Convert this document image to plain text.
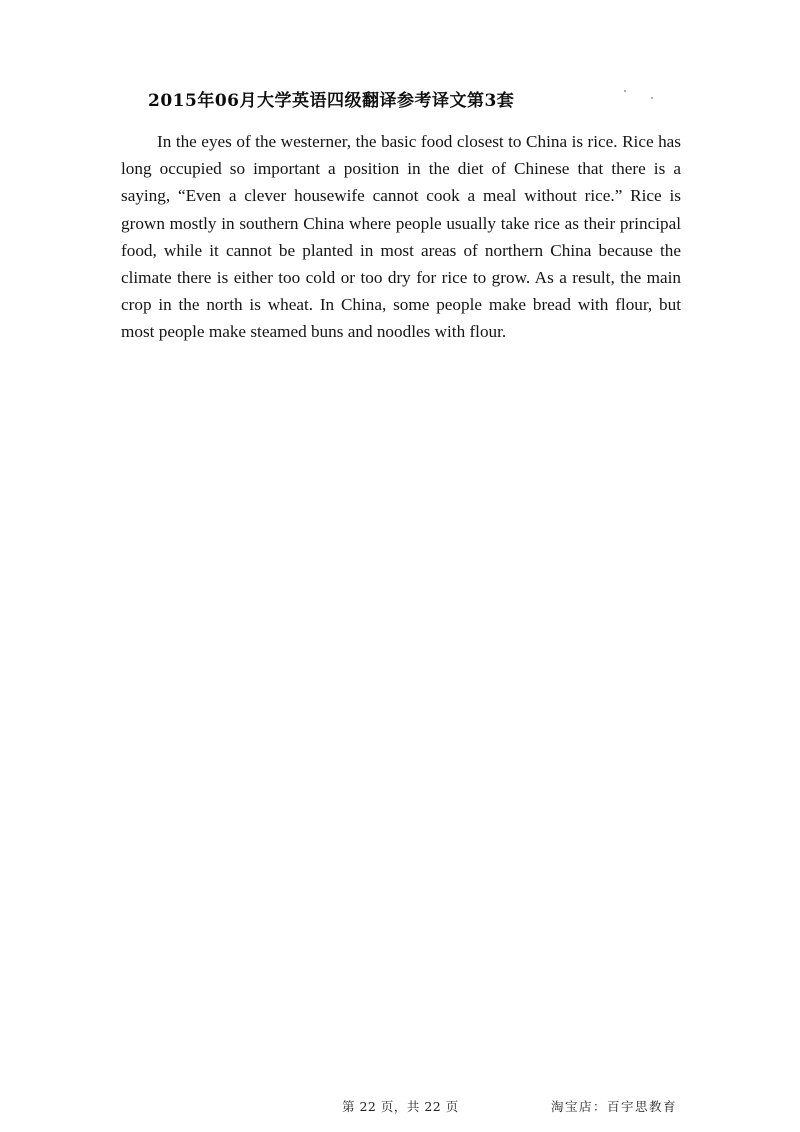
2015年06月大学英语四级翻译参考译文第3套

In the eyes of the westerner, the basic food closest to China is rice. Rice has long occupied so important a position in the diet of Chinese that there is a saying, “Even a clever housewife cannot cook a meal without rice.” Rice is grown mostly in southern China where people usually take rice as their principal food, while it cannot be planted in most areas of northern China because the climate there is either too cold or too dry for rice to grow. As a result, the main crop in the north is wheat. In China, some people make bread with flour, but most people make steamed buns and noodles with flour.

第 22 页，共 22 页	淘宝店：百宇思教育
